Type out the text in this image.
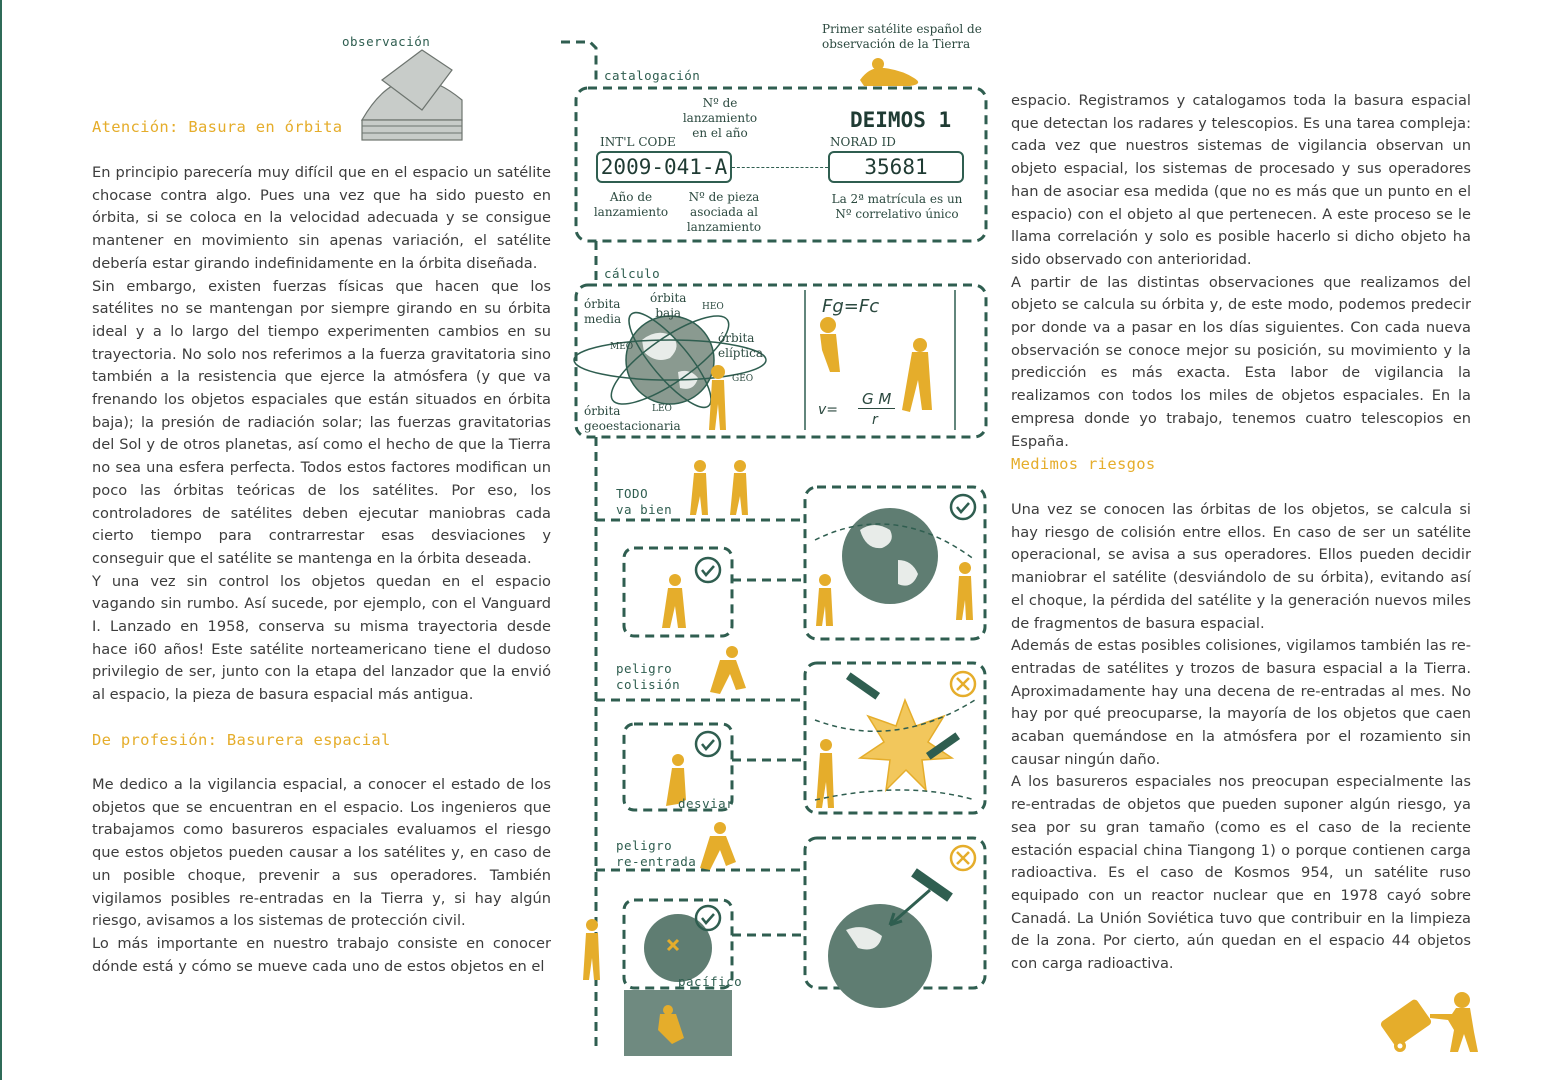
Atención: Basura en órbita

En principio parecería muy difícil que en el espacio un satélite chocase contra algo. Pues una vez que ha sido puesto en órbita, si se coloca en la velocidad adecuada y se consigue mantener en movimiento sin apenas variación, el satélite debería estar girando indefinidamente en la órbita diseñada.

Sin embargo, existen fuerzas físicas que hacen que los satélites no se mantengan por siempre girando en su órbita ideal y a lo largo del tiempo experimenten cambios en su trayectoria. No solo nos referimos a la fuerza gravitatoria sino también a la resistencia que ejerce la atmósfera (y que va frenando los objetos espaciales que están situados en órbita baja); la presión de radiación solar; las fuerzas gravitatorias del Sol y de otros planetas, así como el hecho de que la Tierra no sea una esfera perfecta. Todos estos factores modifican un poco las órbitas teóricas de los satélites. Por eso, los controladores de satélites deben ejecutar maniobras cada cierto tiempo para contrarrestar esas desviaciones y conseguir que el satélite se mantenga en la órbita deseada.

Y una vez sin control los objetos quedan en el espacio vagando sin rumbo. Así sucede, por ejemplo, con el Vanguard I. Lanzado en 1958, conserva su misma trayectoria desde hace i60 años! Este satélite norteamericano tiene el dudoso privilegio de ser, junto con la etapa del lanzador que la envió al espacio, la pieza de basura espacial más antigua.

De profesión: Basurera espacial

Me dedico a la vigilancia espacial, a conocer el estado de los objetos que se encuentran en el espacio. Los ingenieros que trabajamos como basureros espaciales evaluamos el riesgo que estos objetos pueden causar a los satélites y, en caso de un posible choque, prevenir a sus operadores. También vigilamos posibles re-entradas en la Tierra y, si hay algún riesgo, avisamos a los sistemas de protección civil.

Lo más importante en nuestro trabajo consiste en conocer dónde está y cómo se mueve cada uno de estos objetos en el

espacio. Registramos y catalogamos toda la basura espacial que detectan los radares y telescopios. Es una tarea compleja: cada vez que nuestros sistemas de vigilancia observan un objeto espacial, los sistemas de procesado y sus operadores han de asociar esa medida (que no es más que un punto en el espacio) con el objeto al que pertenecen. A este proceso se le llama correlación y solo es posible hacerlo si dicho objeto ha sido observado con anterioridad.

A partir de las distintas observaciones que realizamos del objeto se calcula su órbita y, de este modo, podemos predecir por donde va a pasar en los días siguientes. Con cada nueva observación se conoce mejor su posición, su movimiento y la predicción es más exacta. Esta labor de vigilancia la realizamos con todos los miles de objetos espaciales. En la empresa donde yo trabajo, tenemos cuatro telescopios en España.

Medimos riesgos

Una vez se conocen las órbitas de los objetos, se calcula si hay riesgo de colisión entre ellos. En caso de ser un satélite operacional, se avisa a sus operadores. Ellos pueden decidir maniobrar el satélite (desviándolo de su órbita), evitando así el choque, la pérdida del satélite y la generación nuevos miles de fragmentos de basura espacial.

Además de estas posibles colisiones, vigilamos también las re-entradas de satélites y trozos de basura espacial a la Tierra. Aproximadamente hay una decena de re-entradas al mes. No hay por qué preocuparse, la mayoría de los objetos que caen acaban quemándose en la atmósfera por el rozamiento sin causar ningún daño.

A los basureros espaciales nos preocupan especialmente las re-entradas de objetos que pueden suponer algún riesgo, ya sea por su gran tamaño (como es el caso de la reciente estación espacial china Tiangong 1) o porque contienen carga radioactiva. Es el caso de Kosmos 954, un satélite ruso equipado con un reactor nuclear que en 1978 cayó sobre Canadá. La Unión Soviética tuvo que contribuir en la limpieza de la zona. Por cierto, aún quedan en el espacio 44 objetos con carga radioactiva.

observación
catalogación
Primer satélite español de
observación de la Tierra
Nº de
lanzamiento
en el año
DEIMOS 1
INT'L CODE	NORAD ID
2009-041-A	35681
Año de
lanzamiento
Nº de pieza
asociada al
lanzamiento
La 2ª matrícula es un
Nº correlativo único
cálculo
órbita
media
órbita
baja
órbita
elíptica
órbita
geoestacionaria
HEO
MEO
LEO
GEO
Fg=Fc
v=
G M
r
TODO
va bien
peligro
colisión
desviar
peligro
re-entrada
pacífico
